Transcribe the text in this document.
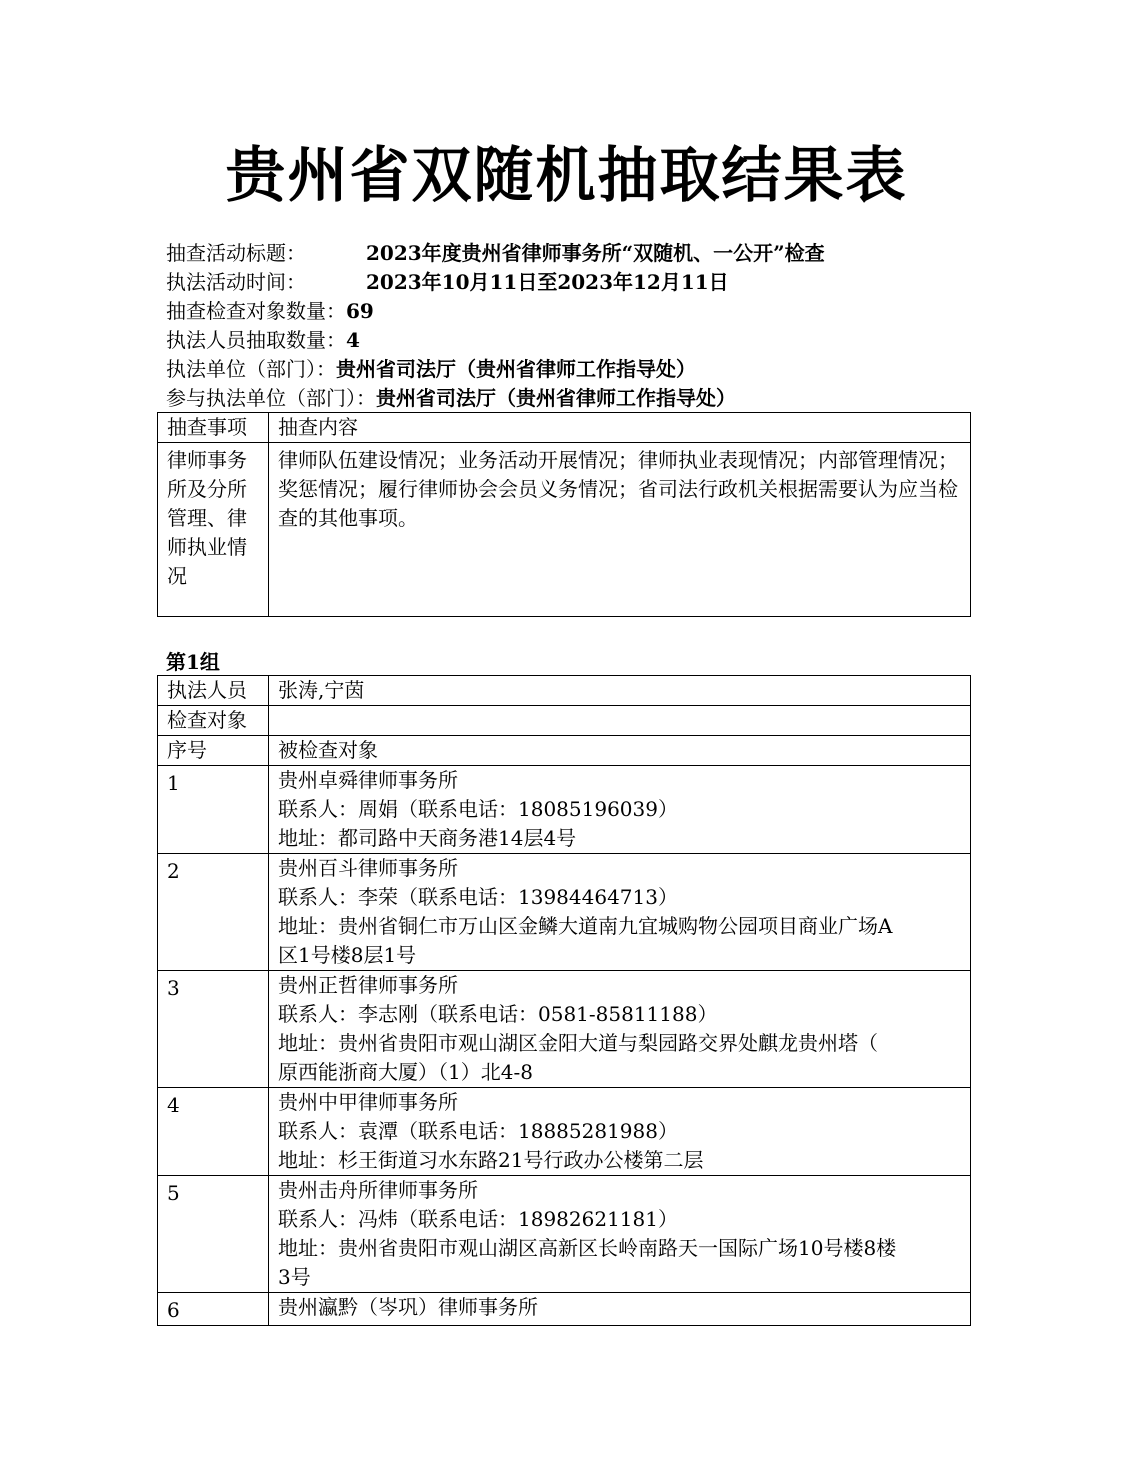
贵州省双随机抽取结果表
抽查活动标题：	2023年度贵州省律师事务所“双随机、一公开”检查
执法活动时间：	2023年10月11日至2023年12月11日
抽查检查对象数量：69
执法人员抽取数量：4
执法单位（部门）：贵州省司法厅（贵州省律师工作指导处）
参与执法单位（部门）：贵州省司法厅（贵州省律师工作指导处）
抽查事项	抽查内容
律师事务所及分所管理、律师执业情况	律师队伍建设情况；业务活动开展情况；律师执业表现情况；内部管理情况；奖惩情况；履行律师协会会员义务情况；省司法行政机关根据需要认为应当检查的其他事项。
第1组
执法人员	张涛,宁茵
检查对象	
序号	被检查对象
1	贵州卓舜律师事务所
联系人：周娟（联系电话：18085196039）
地址：都司路中天商务港14层4号

2	贵州百斗律师事务所
联系人：李荣（联系电话：13984464713）
地址：贵州省铜仁市万山区金鳞大道南九宜城购物公园项目商业广场A
区1号楼8层1号

3	贵州正哲律师事务所
联系人：李志刚（联系电话：0581-85811188）
地址：贵州省贵阳市观山湖区金阳大道与梨园路交界处麒龙贵州塔（
原西能浙商大厦）（1）北4-8

4	贵州中甲律师事务所
联系人：袁潭（联系电话：18885281988）
地址：杉王街道习水东路21号行政办公楼第二层

5	贵州击舟所律师事务所
联系人：冯炜（联系电话：18982621181）
地址：贵州省贵阳市观山湖区高新区长岭南路天一国际广场10号楼8楼
3号

6	贵州瀛黔（岑巩）律师事务所
